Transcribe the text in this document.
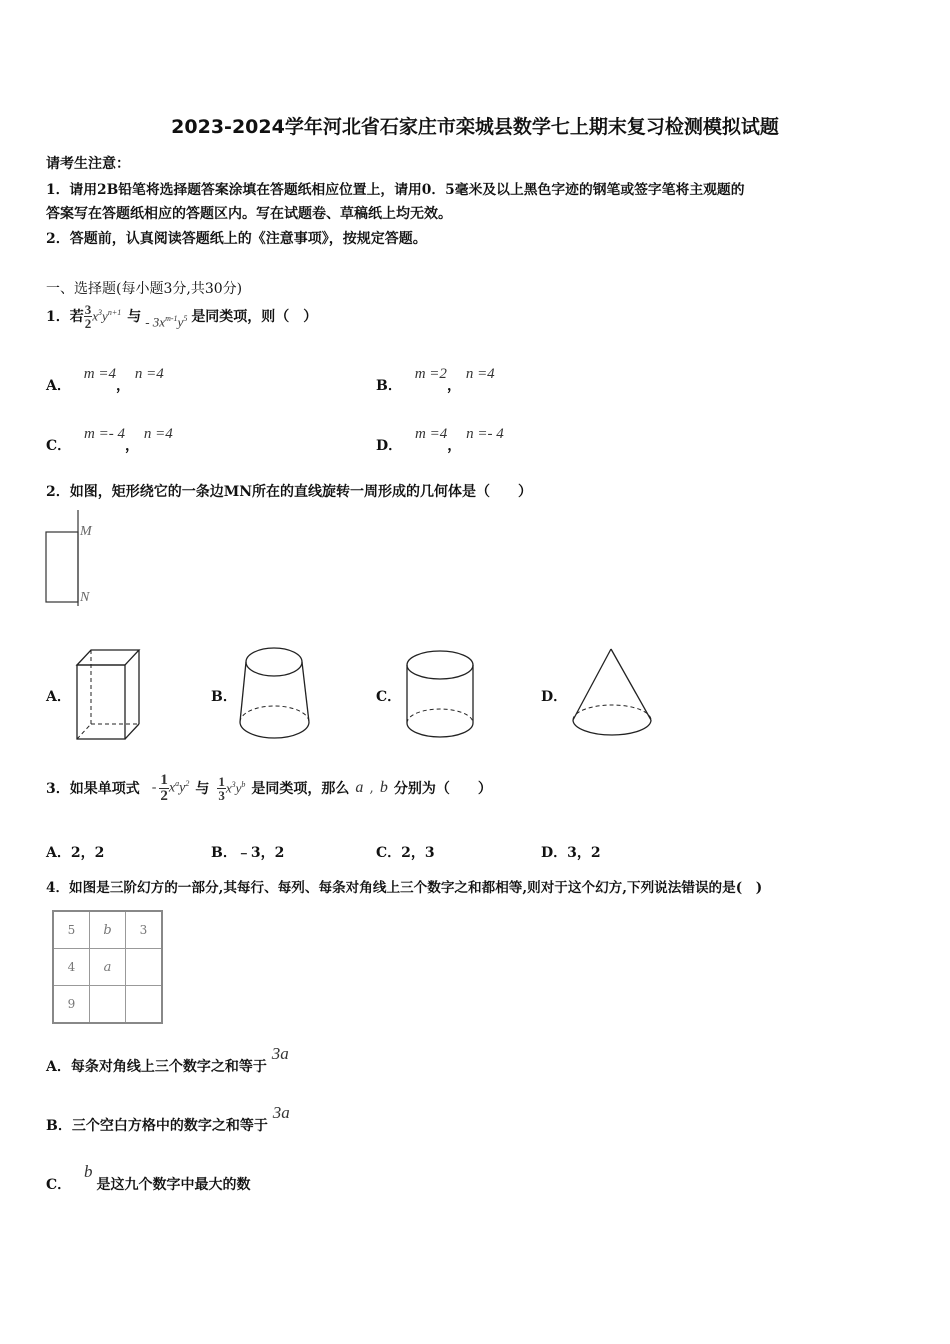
2023-2024学年河北省石家庄市栾城县数学七上期末复习检测模拟试题
请考生注意：
1．请用2B铅笔将选择题答案涂填在答题纸相应位置上，请用0．5毫米及以上黑色字迹的钢笔或签字笔将主观题的
答案写在答题纸相应的答题区内。写在试题卷、草稿纸上均无效。
2．答题前，认真阅读答题纸上的《注意事项》，按规定答题。
一、选择题(每小题3分,共30分)
1．若 $\frac{3}{2} x^3y^{n+1}$ 与 - $3x^{m-1}y^5$ 是同类项，则（　）
A． m =4， n =4
B． m =2， n =4
C． m =- 4， n =4
D． m =4， n =- 4
2．如图，矩形绕它的一条边MN所在的直线旋转一周形成的几何体是（　　）
M
N
A．	B．	C．	D．
3．如果单项式 - $\frac{1}{2} x^ay^2$ 与 $\frac{1}{3} x^3y^b$ 是同类项，那么 a , b 分别为（　　）
A．2，2	B．﹣3，2	C．2，3	D．3，2
4．如图是三阶幻方的一部分,其每行、每列、每条对角线上三个数字之和都相等,则对于这个幻方,下列说法错误的是(　)
5	b	3
4	a	
9		
A．每条对角线上三个数字之和等于 3a
B．三个空白方格中的数字之和等于 3a
C． b是这九个数字中最大的数
